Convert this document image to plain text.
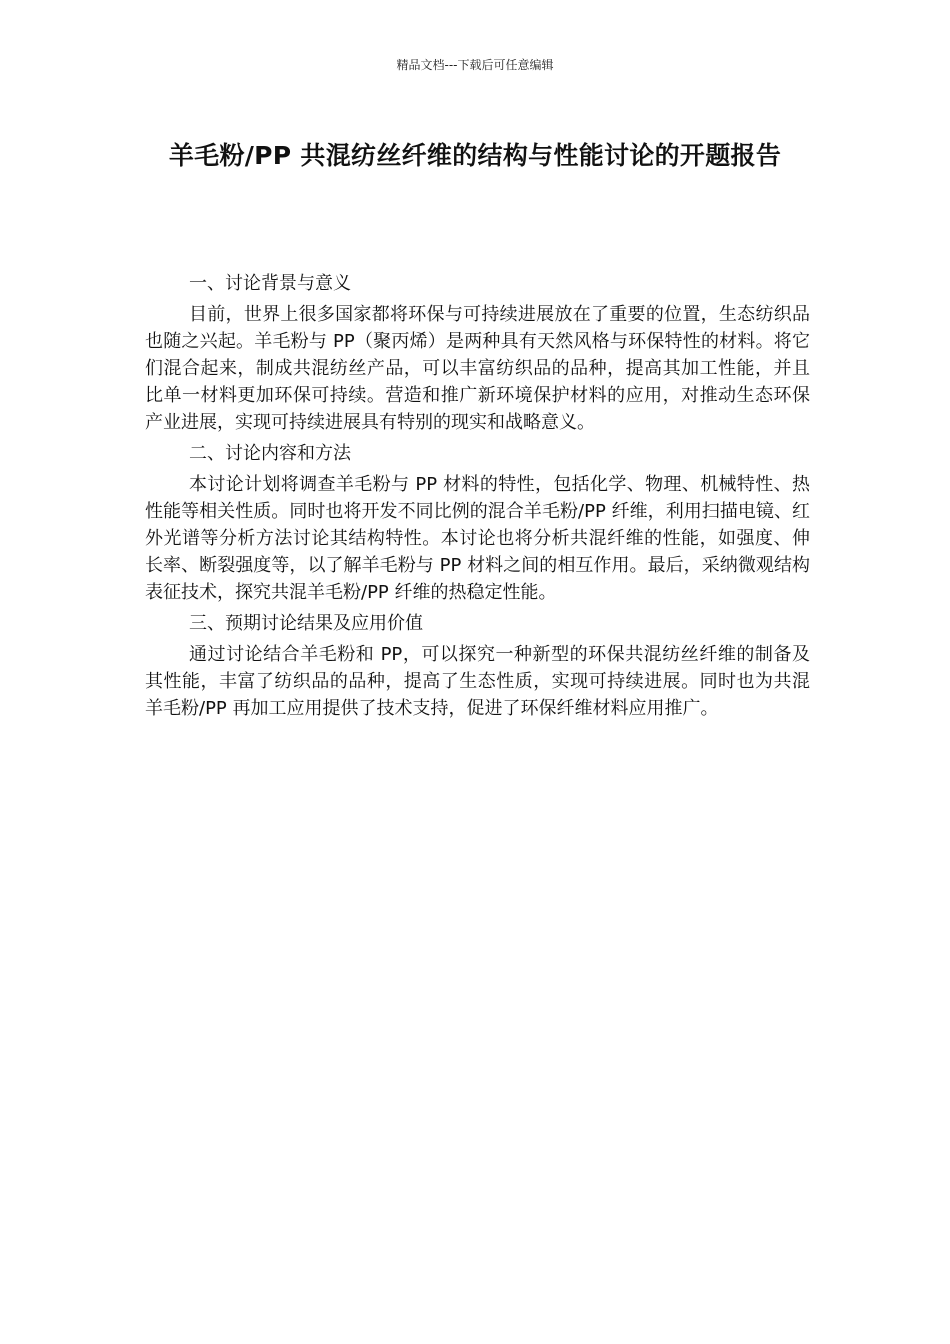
精品文档---下载后可任意编辑
羊毛粉/PP 共混纺丝纤维的结构与性能讨论的开题报告
一、讨论背景与意义

目前，世界上很多国家都将环保与可持续进展放在了重要的位置，生态纺织品也随之兴起。羊毛粉与 PP（聚丙烯）是两种具有天然风格与环保特性的材料。将它们混合起来，制成共混纺丝产品，可以丰富纺织品的品种，提高其加工性能，并且比单一材料更加环保可持续。营造和推广新环境保护材料的应用，对推动生态环保产业进展，实现可持续进展具有特别的现实和战略意义。

二、讨论内容和方法

本讨论计划将调查羊毛粉与 PP 材料的特性，包括化学、物理、机械特性、热性能等相关性质。同时也将开发不同比例的混合羊毛粉/PP 纤维，利用扫描电镜、红外光谱等分析方法讨论其结构特性。本讨论也将分析共混纤维的性能，如强度、伸长率、断裂强度等，以了解羊毛粉与 PP 材料之间的相互作用。最后，采纳微观结构表征技术，探究共混羊毛粉/PP 纤维的热稳定性能。

三、预期讨论结果及应用价值

通过讨论结合羊毛粉和 PP，可以探究一种新型的环保共混纺丝纤维的制备及其性能，丰富了纺织品的品种，提高了生态性质，实现可持续进展。同时也为共混羊毛粉/PP 再加工应用提供了技术支持，促进了环保纤维材料应用推广。
